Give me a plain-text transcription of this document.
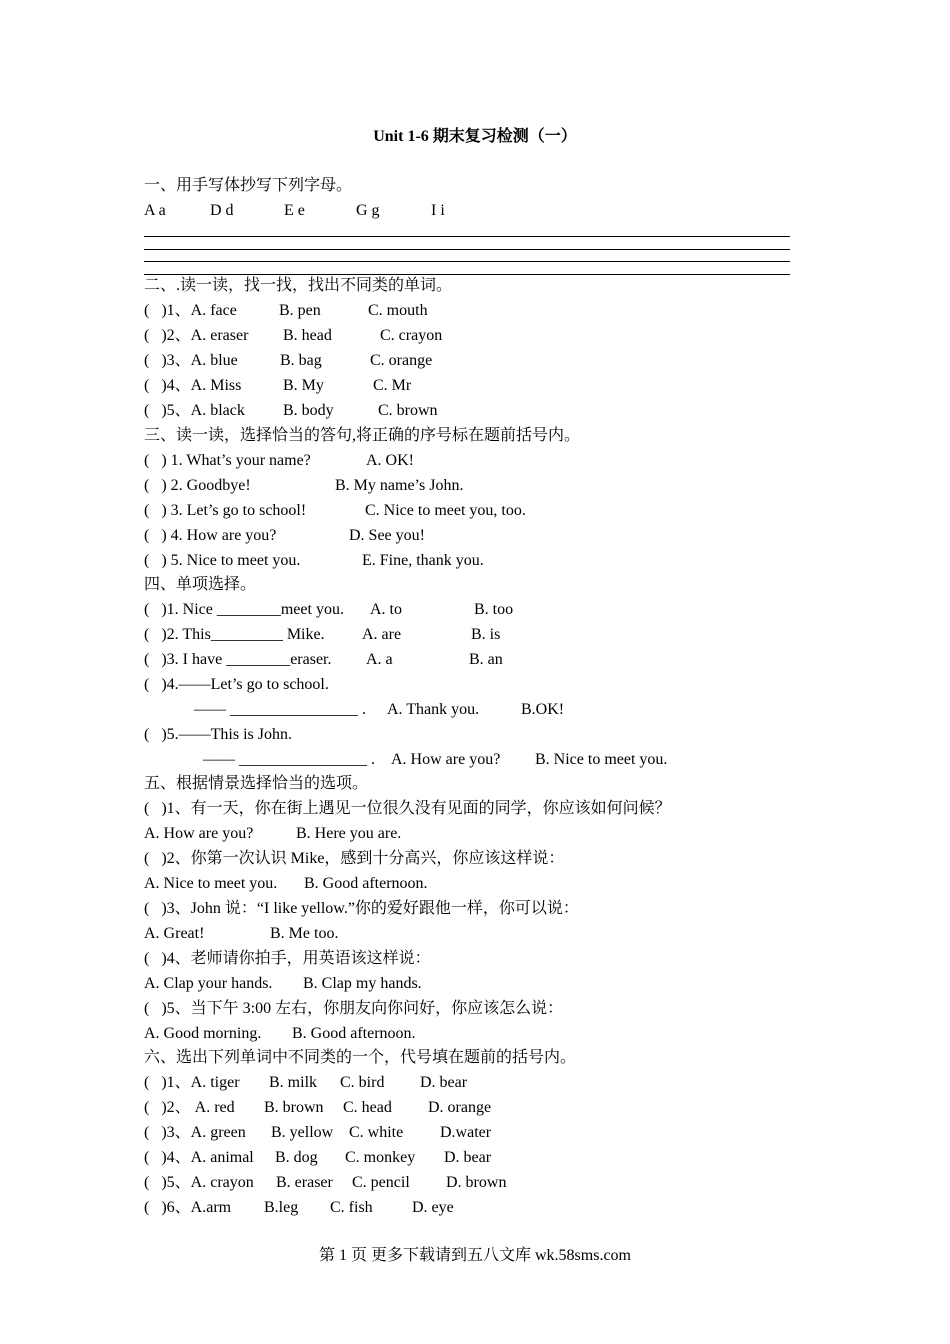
Unit 1-6 期末复习检测（一）
一、用手写体抄写下列字母。
A a	D d	E e	G g	I i
二、.读一读，找一找，找出不同类的单词。
(   )1、A. face	B. pen	C. mouth
(   )2、A. eraser B. head	C. crayon
(   )3、A. blue	B. bag	C. orange
(   )4、A. Miss	B. My	C. Mr
(   )5、A. black B. body	C. brown
三、读一读，选择恰当的答句,将正确的序号标在题前括号内。
(   ) 1. What’s your name?	A. OK!
(   ) 2. Goodbye!	B. My name’s John.
(   ) 3. Let’s go to school!	C. Nice to meet you, too.
(   ) 4. How are you?	D. See you!
(   ) 5. Nice to meet you.	E. Fine, thank you.
四、单项选择。
(   )1. Nice ________meet you. A. to	B. too
(   )2. This_________ Mike. A. are	B. is
(   )3. I have ________eraser. A. a	B. an
(   )4.——Let’s go to school.
—— ________________ . A. Thank you.	B.OK!
(   )5.——This is John.
—— ________________ . A. How are you? B. Nice to meet you.
五、根据情景选择恰当的选项。
(   )1、有一天，你在街上遇见一位很久没有见面的同学，你应该如何问候？
A. How are you?	B. Here you are.
(   )2、你第一次认识 Mike，感到十分高兴，你应该这样说：
A. Nice to meet you. B. Good afternoon.
(   )3、John 说：“I like yellow.”你的爱好跟他一样，你可以说：
A. Great!	B. Me too.
(   )4、老师请你拍手，用英语该这样说：
A. Clap your hands. B. Clap my hands.
(   )5、当下午 3:00 左右，你朋友向你问好，你应该怎么说：
A. Good morning. B. Good afternoon.
六、选出下列单词中不同类的一个，代号填在题前的括号内。
(   )1、A. tiger B. milk C. bird D. bear
(   )2、 A. red B. brown C. head D. orange
(   )3、A. green B. yellow C. white D.water
(   )4、A. animal B. dog C. monkey D. bear
(   )5、A. crayon B. eraser C. pencil D. brown
(   )6、A.arm B.leg C. fish D. eye
第 1 页 更多下载请到五八文库 wk.58sms.com
